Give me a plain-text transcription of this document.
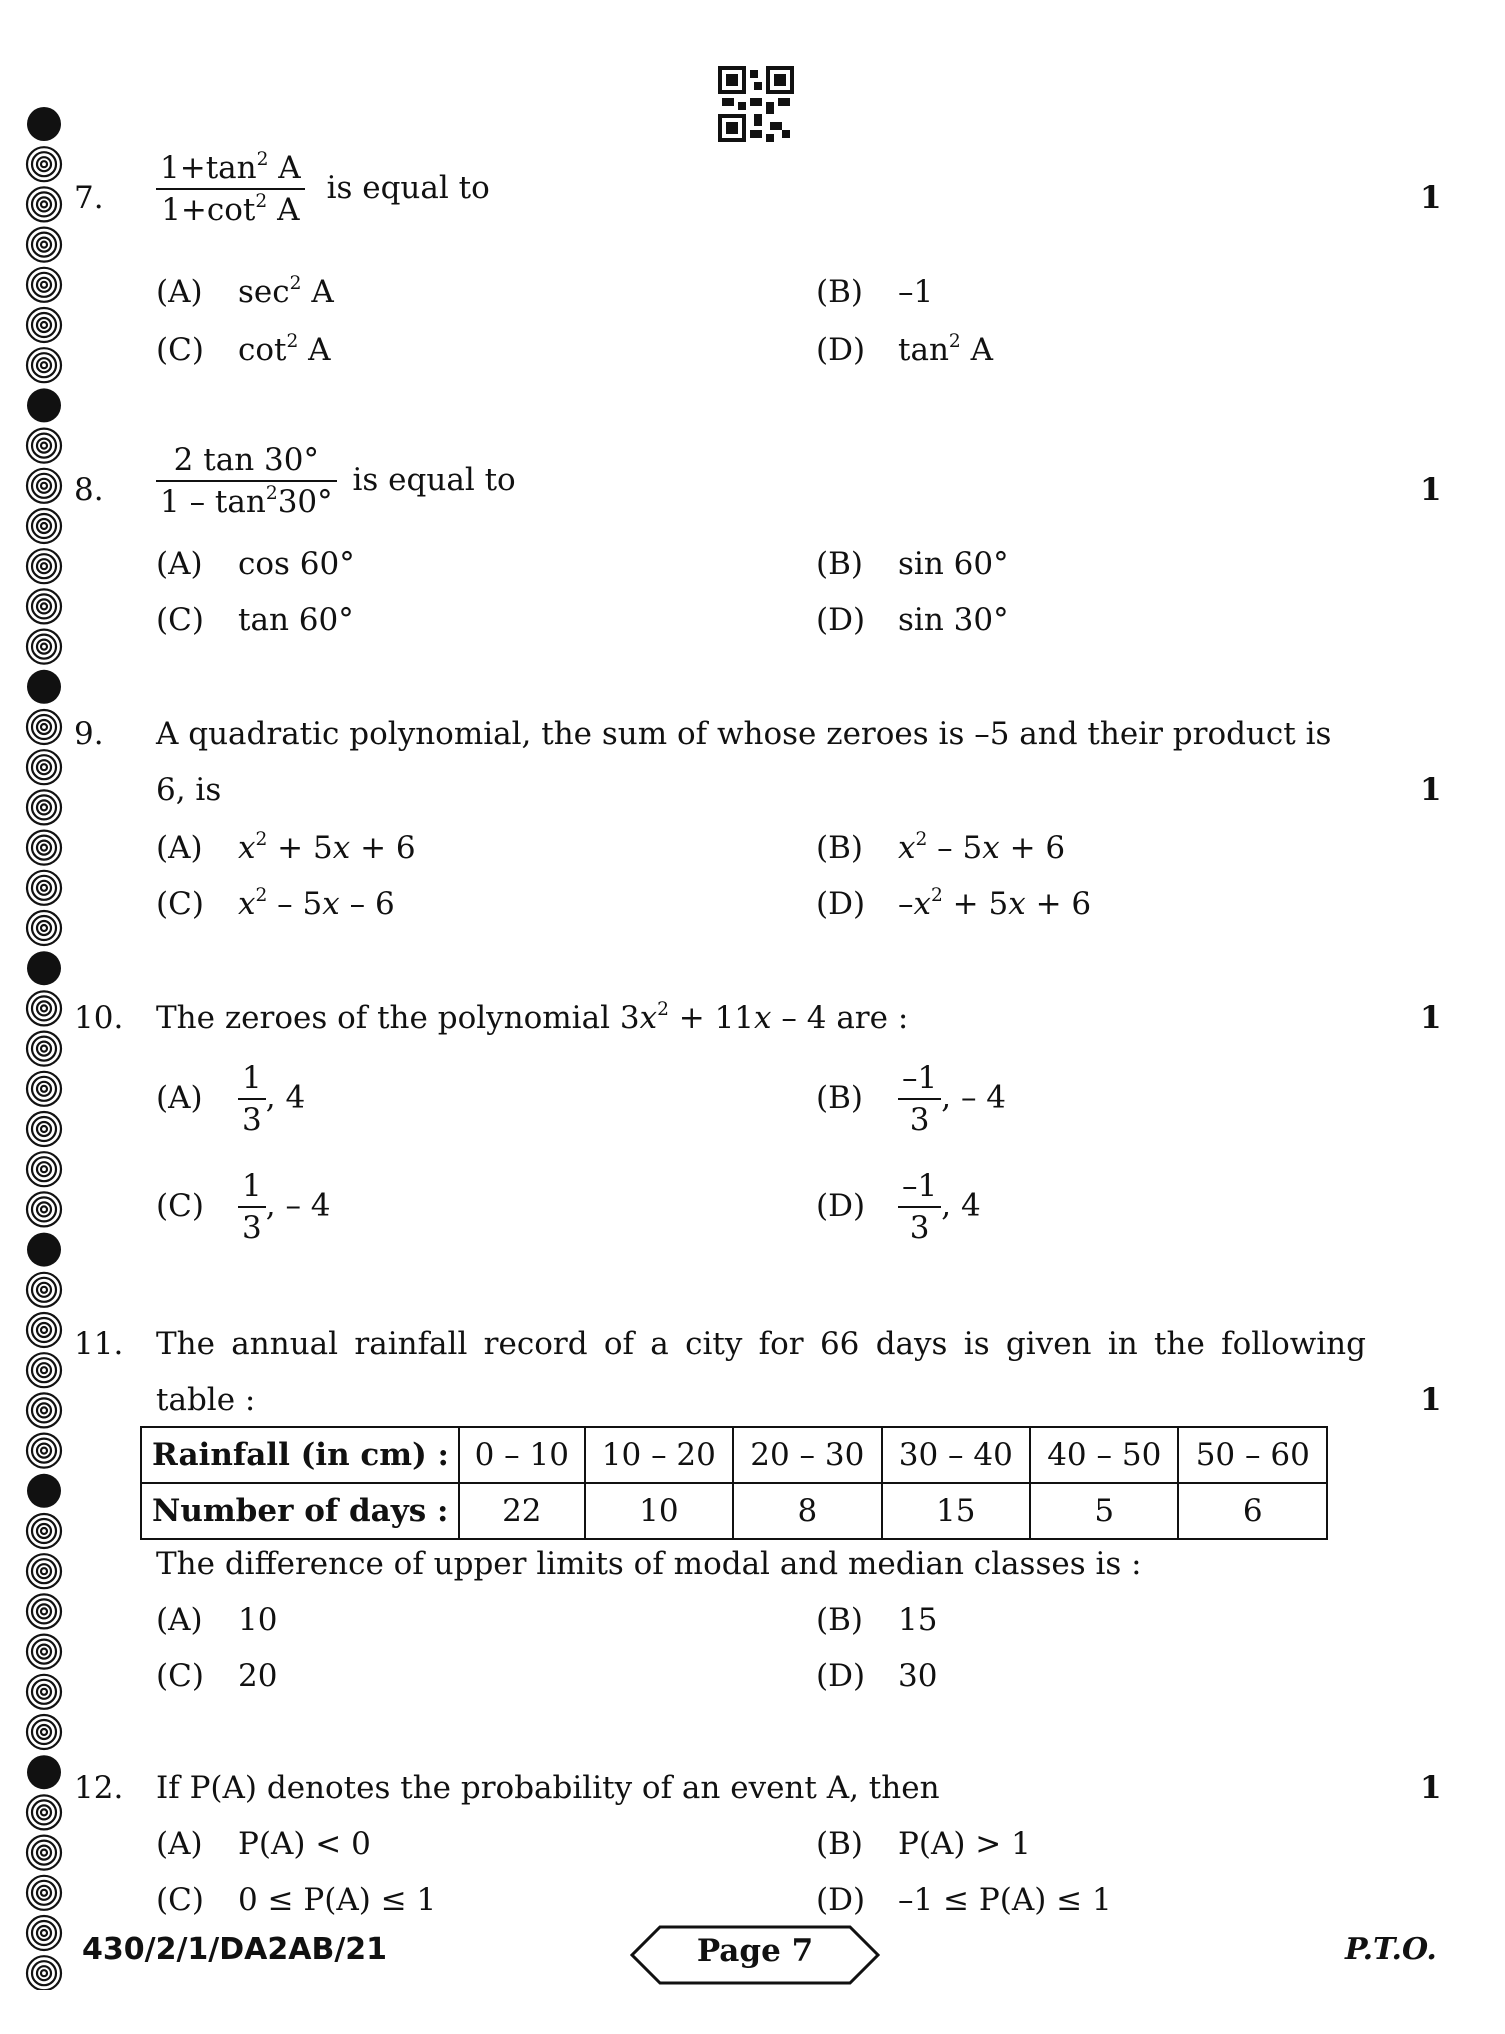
7. $\frac{1+\tan^2 A}{1+\cot^2 A}$ is equal to	1
(A) $\sec^2 A$	(B) –1
(C) $\cot^2 A$	(D) $\tan^2 A$
8. $\frac{2 \tan 30^\circ}{1 - \tan^230^\circ}$ is equal to	1
(A) cos 60°	(B) sin 60°
(C) tan 60°	(D) sin 30°
9. A quadratic polynomial, the sum of whose zeroes is –5 and their product is
6, is	1
(A) $x^2 + 5x + 6$	(B) $x^2 - 5x + 6$
(C) $x^2 - 5x - 6$	(D) $-x^2 + 5x + 6$
10. The zeroes of the polynomial $3x^2 + 11x - 4$ are :	1
$(A) \frac{1}{3}$ , 4	$(B) \frac{-1}{3}$ , – 4
$(C) \frac{1}{3}$ , – 4	$(D) \frac{-1}{3}$ , 4
11. The annual rainfall record of a city for 66 days is given in the following
table :	1
Rainfall (in cm) :	0 – 10	10 – 20	20 – 30	30 – 40	40 – 50	50 – 60
Number of days :	22	10	8	15	5	6
The difference of upper limits of modal and median classes is :
(A) 10	(B) 15
(C) 20	(D) 30
12. If P(A) denotes the probability of an event A, then	1
(A) P(A) < 0	(B) P(A) > 1
(C) 0 ≤ P(A) ≤ 1	(D) –1 ≤ P(A) ≤ 1
430/2/1/DA2AB/21	Page 7	P.T.O.
